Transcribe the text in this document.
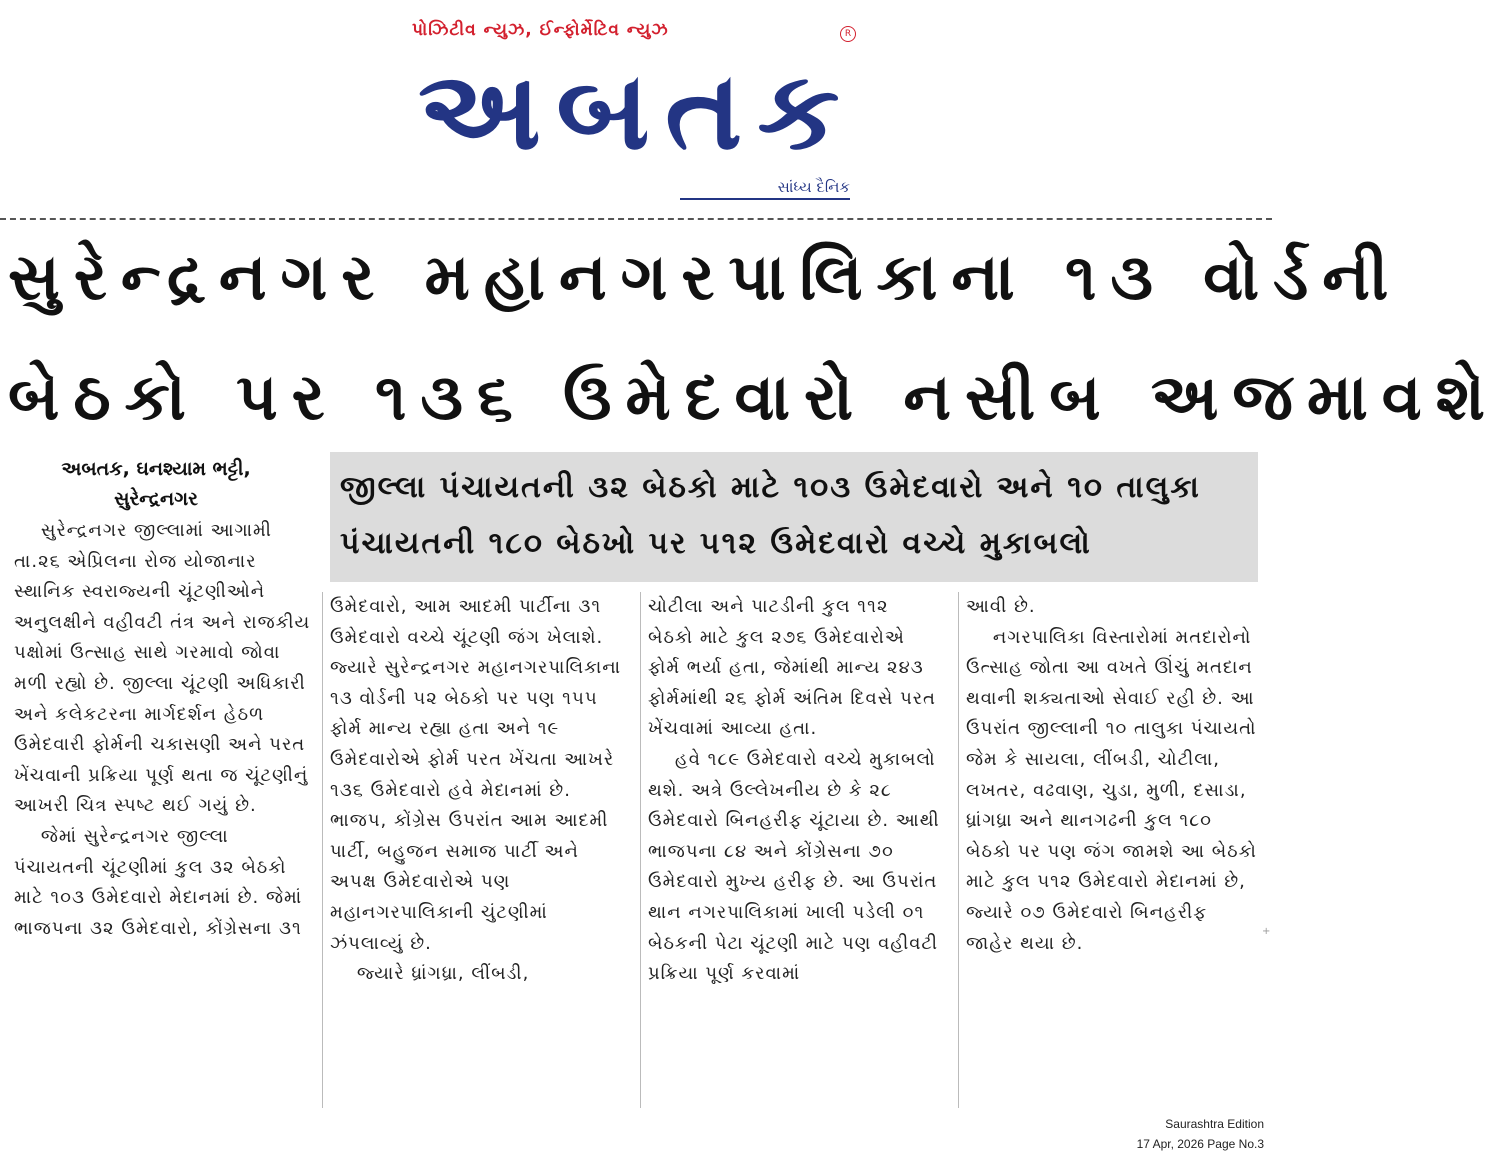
પોઝિટીવ ન્યુઝ, ઈન્ફોર્મેટિવ ન્યુઝ
અબતક
R
સાંધ્ય દૈનિક
સુરેન્દ્રનગર મહાનગરપાલિકાના ૧૩ વોર્ડની
બેઠકો પર ૧૩૬ ઉમેદવારો નસીબ અજમાવશે
અબતક, ઘનશ્યામ ભટ્ટી,
સુરેન્દ્રનગર	જીલ્લા પંચાયતની ૩૨ બેઠકો માટે ૧૦૩ ઉમેદવારો અને ૧૦ તાલુકા
પંચાયતની ૧૮૦ બેઠખો પર ૫૧૨ ઉમેદવારો વચ્ચે મુકાબલો

સુરેન્દ્રનગર જીલ્લામાં આગામી તા.૨૬ એપ્રિલના રોજ યોજાનાર સ્થાનિક સ્વરાજ્યની ચૂંટણીઓને અનુલક્ષીને વહીવટી તંત્ર અને રાજકીય પક્ષોમાં ઉત્સાહ સાથે ગરમાવો જોવા મળી રહ્યો છે. જીલ્લા ચૂંટણી અધિકારી અને કલેકટરના માર્ગદર્શન હેઠળ ઉમેદવારી ફોર્મની ચકાસણી અને પરત ખેંચવાની પ્રક્રિયા પૂર્ણ થતા જ ચૂંટણીનું આખરી ચિત્ર સ્પષ્ટ થઈ ગયું છે.

જેમાં સુરેન્દ્રનગર જીલ્લા પંચાયતની ચૂંટણીમાં કુલ ૩૨ બેઠકો માટે ૧૦૩ ઉમેદવારો મેદાનમાં છે. જેમાં ભાજપના ૩૨ ઉમેદવારો, કોંગ્રેસના ૩૧

ઉમેદવારો, આમ આદમી પાર્ટીના ૩૧ ઉમેદવારો વચ્ચે ચૂંટણી જંગ ખેલાશે. જ્યારે સુરેન્દ્રનગર મહાનગરપાલિકાના ૧૩ વોર્ડની ૫૨ બેઠકો પર પણ ૧૫૫ ફોર્મ માન્ય રહ્યા હતા અને ૧૯ ઉમેદવારોએ ફોર્મ પરત ખેંચતા આખરે ૧૩૬ ઉમેદવારો હવે મેદાનમાં છે. ભાજપ, કોંગ્રેસ ઉપરાંત આમ આદમી પાર્ટી, બહુજન સમાજ પાર્ટી અને અપક્ષ ઉમેદવારોએ પણ મહાનગરપાલિકાની ચુંટણીમાં ઝંપલાવ્યું છે.

જ્યારે ધ્રાંગધ્રા, લીંબડી,

ચોટીલા અને પાટડીની કુલ ૧૧૨ બેઠકો માટે કુલ ૨૭૬ ઉમેદવારોએ ફોર્મ ભર્યા હતા, જેમાંથી માન્ય ૨૪૩ ફોર્મમાંથી ૨૬ ફોર્મ અંતિમ દિવસે પરત ખેંચવામાં આવ્યા હતા.

હવે ૧૮૯ ઉમેદવારો વચ્ચે મુકાબલો થશે. અત્રે ઉલ્લેખનીય છે કે ૨૮ ઉમેદવારો બિનહરીફ ચૂંટાયા છે. આથી ભાજપના ૮૪ અને કોંગ્રેસના ૭૦ ઉમેદવારો મુખ્ય હરીફ છે. આ ઉપરાંત થાન નગરપાલિકામાં ખાલી પડેલી ૦૧ બેઠકની પેટા ચૂંટણી માટે પણ વહીવટી પ્રક્રિયા પૂર્ણ કરવામાં

આવી છે.

નગરપાલિકા વિસ્તારોમાં મતદારોનો ઉત્સાહ જોતા આ વખતે ઊંચું મતદાન થવાની શક્યતાઓ સેવાઈ રહી છે. આ ઉપરાંત જીલ્લાની ૧૦ તાલુકા પંચાયતો જેમ કે સાયલા, લીંબડી, ચોટીલા, લખતર, વઢવાણ, ચુડા, મુળી, દસાડા, ધ્રાંગધ્રા અને થાનગઢની કુલ ૧૮૦ બેઠકો પર પણ જંગ જામશે આ બેઠકો માટે કુલ ૫૧૨ ઉમેદવારો મેદાનમાં છે, જ્યારે ૦૭ ઉમેદવારો બિનહરીફ જાહેર થયા છે.

+
Saurashtra Edition
17 Apr, 2026 Page No.3
